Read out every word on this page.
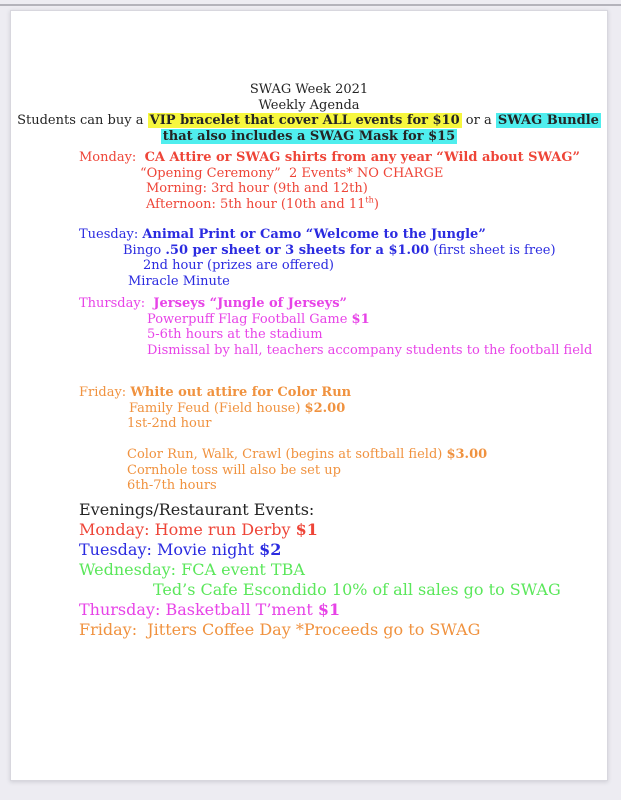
SWAG Week 2021
Weekly Agenda
Students can buy a VIP bracelet that cover ALL events for $10 or a SWAG Bundle
that also includes a SWAG Mask for $15
Monday:  CA Attire or SWAG shirts from any year “Wild about SWAG”
“Opening Ceremony”  2 Events* NO CHARGE
Morning: 3rd hour (9th and 12th)
Afternoon: 5th hour (10th and 11th)
Tuesday: Animal Print or Camo “Welcome to the Jungle”
Bingo .50 per sheet or 3 sheets for a $1.00 (first sheet is free)
2nd hour (prizes are offered)
Miracle Minute
Thursday:  Jerseys “Jungle of Jerseys”
Powerpuff Flag Football Game $1
5-6th hours at the stadium
Dismissal by hall, teachers accompany students to the football field
Friday: White out attire for Color Run
Family Feud (Field house) $2.00
1st-2nd hour
Color Run, Walk, Crawl (begins at softball field) $3.00
Cornhole toss will also be set up
6th-7th hours
Evenings/Restaurant Events:
Monday: Home run Derby $1
Tuesday: Movie night $2
Wednesday: FCA event TBA
Ted’s Cafe Escondido 10% of all sales go to SWAG
Thursday: Basketball T’ment $1
Friday:  Jitters Coffee Day *Proceeds go to SWAG
